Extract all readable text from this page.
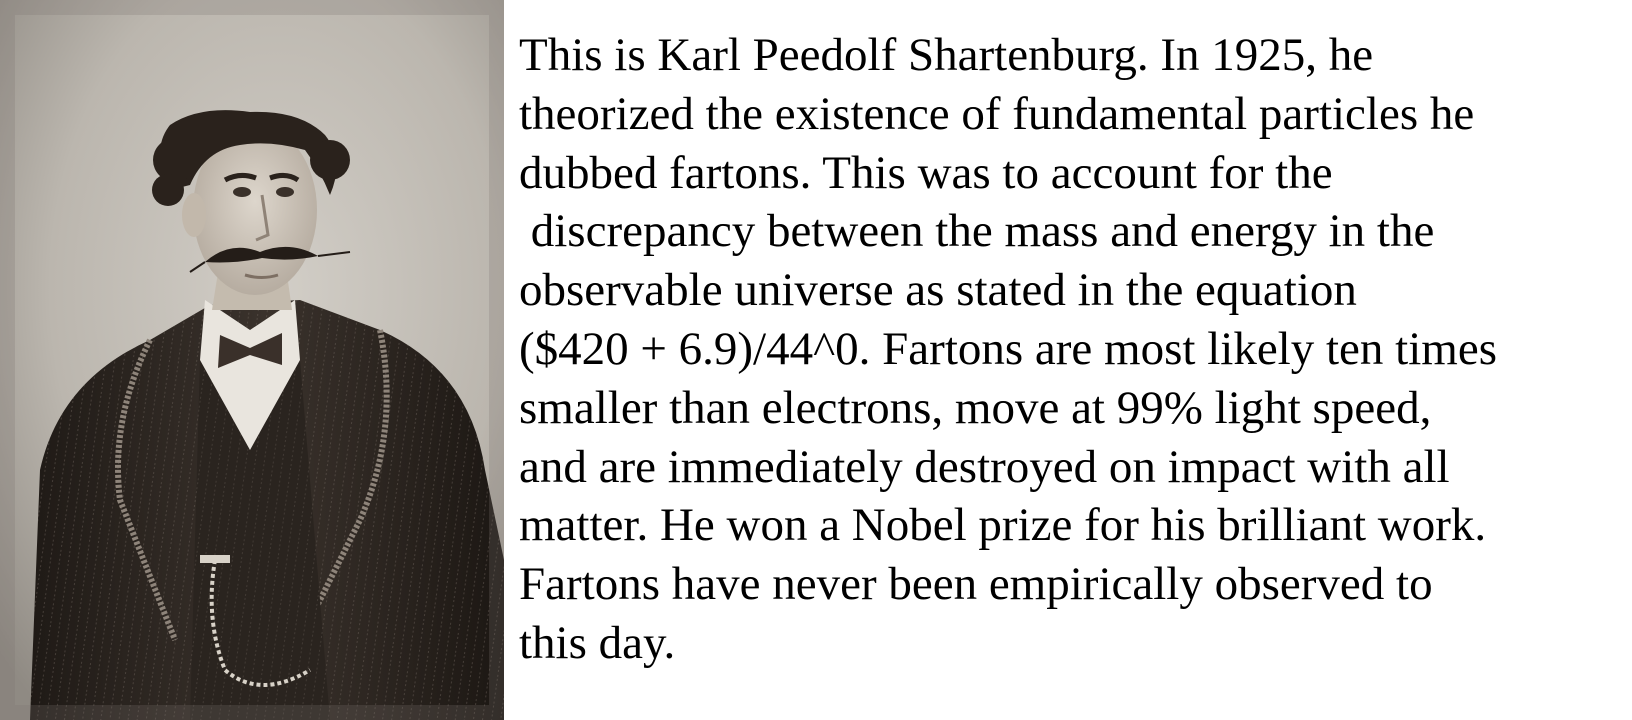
This is Karl Peedolf Shartenburg. In 1925, he
theorized the existence of fundamental particles he
dubbed fartons. This was to account for the
discrepancy between the mass and energy in the
observable universe as stated in the equation
($420 + 6.9)/44^0. Fartons are most likely ten times
smaller than electrons, move at 99% light speed,
and are immediately destroyed on impact with all
matter. He won a Nobel prize for his brilliant work.
Fartons have never been empirically observed to
this day.
